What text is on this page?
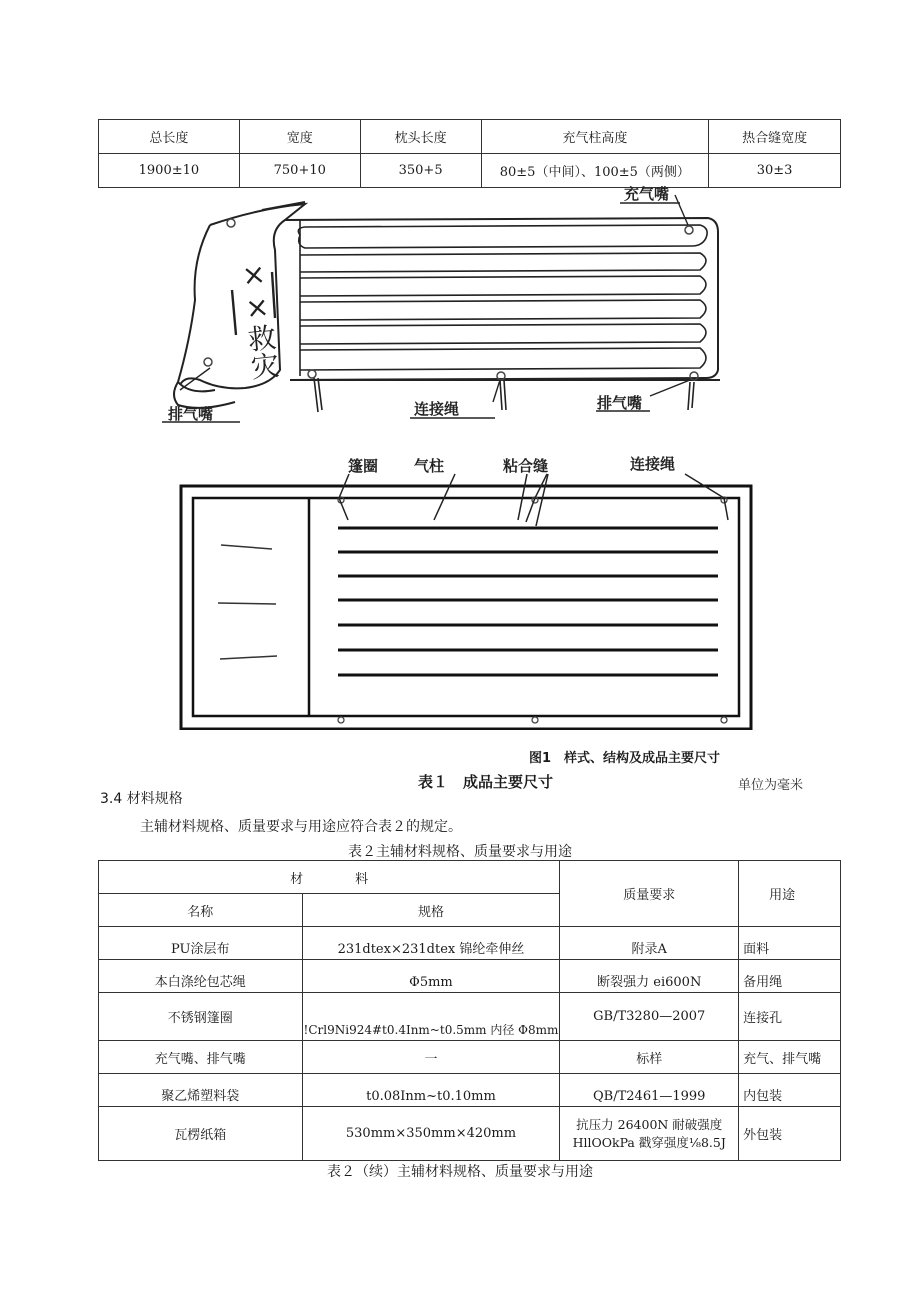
总长度	宽度	枕头长度	充气柱高度	热合缝宽度
1900±10	750+10	350+5	80±5（中间）、100±5（两侧）	30±3
××救灾
充气嘴
排气嘴	连接绳	排气嘴
篷圈 气柱	粘合缝	连接绳
图1　样式、结构及成品主要尺寸
表１　成品主要尺寸	单位为毫米
3.4 材料规格
主辅材料规格、质量要求与用途应符合表２的规定。
表２主辅材料规格、质量要求与用途
材　　　　料		质量要求	用途
名称	规格		
PU涂层布	231dtex×231dtex 锦纶牵伸丝	附录A	面料
本白涤纶包芯绳	Φ5mm	断裂强力 ei600N	备用绳
不锈钢篷圈	!Crl9Ni924#t0.4Inm~t0.5mm 内径 Φ8mm	GB/T3280—2007	连接孔
充气嘴、排气嘴	一	标样	充气、排气嘴
聚乙烯塑料袋	t0.08Inm~t0.10mm	QB/T2461—1999	内包装
瓦楞纸箱	530mm×350mm×420mm	抗压力 26400N 耐破强度 HllOOkPa 戳穿强度⅛8.5J	外包装
表２（续）主辅材料规格、质量要求与用途
